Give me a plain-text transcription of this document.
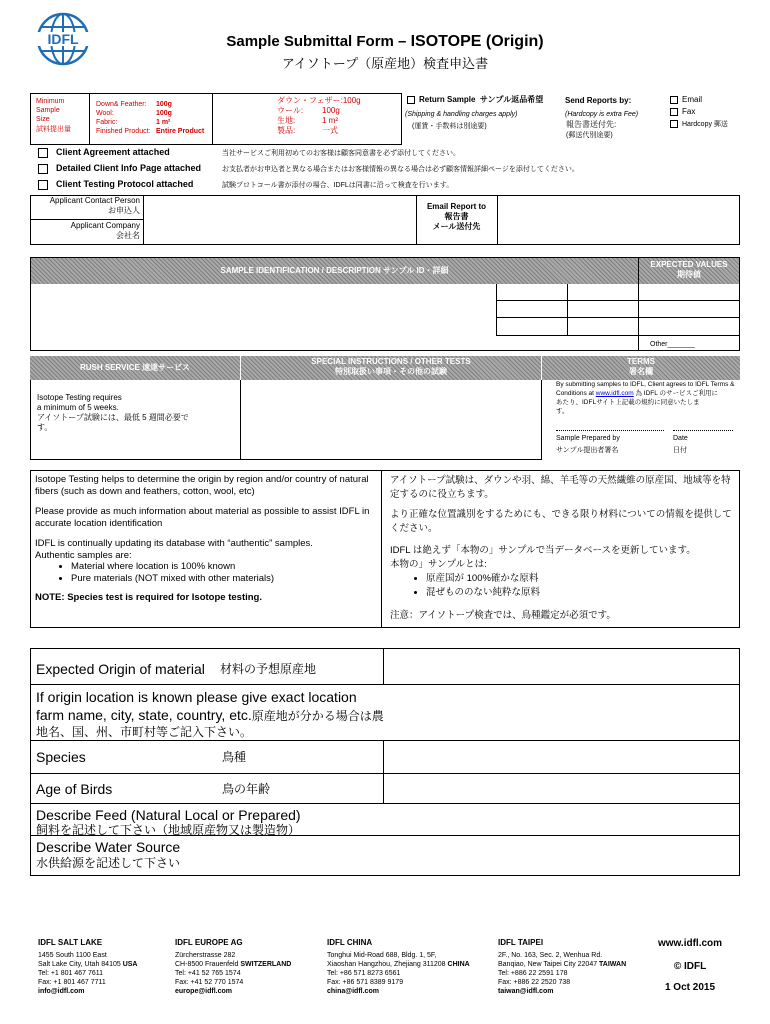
IDFL	Sample Submittal Form – ISOTOPE (Origin)
アイソトープ（原産地）検査申込書
Minimum
Sample
Size
試料提出量
Down& Feather: 100g
Wool:	100g
Fabric:	1 m²
Finished Product: Entire Product
ダウン・フェザー:100g
ウール: 100g
生地:	1 m²
製品:	一式
Return Sample サンプル返品希望
(Shipping & handling charges apply)
(運賃・手数料は別途要)
Send Reports by:
(Hardcopy is extra Fee)
報告書送付先:
(郵送代別途要)
Email
Fax
Hardcopy 郵送
Client Agreement attached	当社サービスご利用初めてのお客様は顧客同意書を必ず添付してください。
Detailed Client Info Page attached	お支払者がお申込者と異なる場合またはお客様情報の異なる場合は必ず顧客情報詳細ページを添付してください。
Client Testing Protocol attached	試験プロトコール書が添付の場合、IDFLは同書に沿って検査を行います。
Applicant Contact Person
お申込人
Applicant Company
会社名
Email Report to
報告書
メール送付先
SAMPLE IDENTIFICATION / DESCRIPTION サンプル ID・詳細
EXPECTED VALUES
期待値
Other_______
RUSH SERVICE 速達サービス
SPECIAL INSTRUCTIONS / OTHER TESTS
特別取扱い事項・その他の試験
TERMS
署名欄
Isotope Testing requires
a minimum of 5 weeks.
アイソトープ試験には、最低 5 週間必要で
す。
By submitting samples to IDFL, Client agrees to IDFL Terms &
Conditions at www.idfl.com 為 IDFL のサービスご利用に
あたり、IDFLサイト上記載の規約に同意いたしま
す。
Sample Prepared by
サンプル提出者署名
Date
日付
Isotope Testing helps to determine the origin by region and/or country of natural fibers (such as down and feathers, cotton, wool, etc)
Please provide as much information about material as possible to assist IDFL in accurate location identification
IDFL is continually updating its database with “authentic” samples.
Authentic samples are:
• Material where location is 100% known
• Pure materials (NOT mixed with other materials)
NOTE: Species test is required for Isotope testing.
アイソトープ試験は、ダウンや羽、綿、羊毛等の天然繊維の原産国、地域等を特定するのに役立ちます。
より正確な位置識別をするためにも、できる限り材料についての情報を提供してください。
IDFL は絶えず「本物の」サンプルで当データベースを更新しています。
本物の」サンプルとは:
• 原産国が 100%確かな原料
• 混ぜもののない純粋な原料
注意：アイソトープ検査では、鳥種鑑定が必須です。
Expected Origin of material 材料の予想原産地
If origin location is known please give exact location
farm name, city, state, country, etc.原産地が分かる場合は農
地名、国、州、市町村等ご記入下さい。
Species	鳥種
Age of Birds	鳥の年齢
Describe Feed (Natural Local or Prepared)
飼料を記述して下さい（地域原産物又は製造物）
Describe Water Source
水供給源を記述して下さい
IDFL SALT LAKE
1455 South 1100 East
Salt Lake City, Utah 84105 USA
Tel: +1 801 467 7611
Fax: +1 801 467 7711
info@idfl.com
IDFL EUROPE AG
Zürcherstrasse 282
CH-8500 Frauenfeld SWITZERLAND
Tel: +41 52 765 1574
Fax: +41 52 770 1574
europe@idfl.com
IDFL CHINA
Tonghui Mid-Road 688, Bldg. 1, 5F,
Xiaoshan Hangzhou, Zhejiang 311208 CHINA
Tel: +86 571 8273 6561
Fax: +86 571 8389 9179
china@idfl.com
IDFL TAIPEI
2F., No. 163, Sec. 2, Wenhua Rd.
Banqiao, New Taipei City 22047 TAIWAN
Tel: +886 22 2591 178
Fax: +886 22 2520 738
taiwan@idfl.com
www.idfl.com
© IDFL
1 Oct 2015
